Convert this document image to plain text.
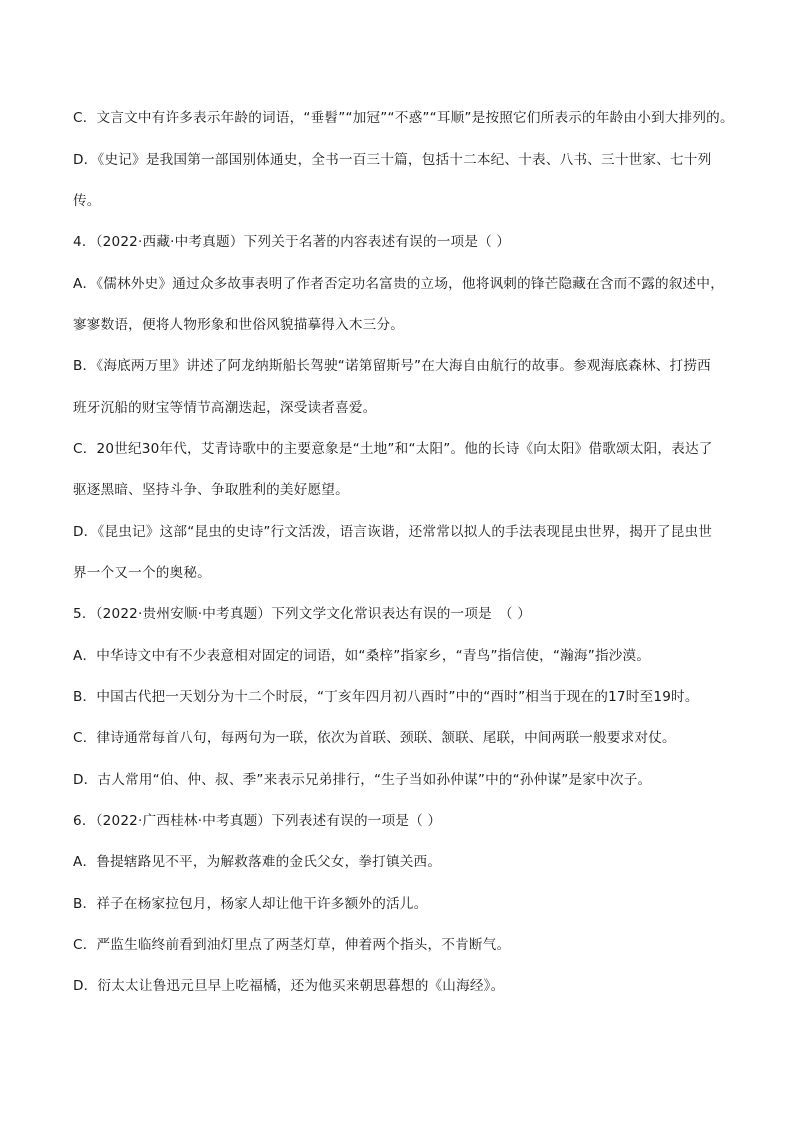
C．文言文中有许多表示年龄的词语，“垂髫”“加冠”“不惑”“耳顺”是按照它们所表示的年龄由小到大排列的。
D．《史记》是我国第一部国别体通史，全书一百三十篇，包括十二本纪、十表、八书、三十世家、七十列
传。
4．（2022·西藏·中考真题）下列关于名著的内容表述有误的一项是（ ）
A．《儒林外史》通过众多故事表明了作者否定功名富贵的立场，他将讽刺的锋芒隐藏在含而不露的叙述中，
寥寥数语，便将人物形象和世俗风貌描摹得入木三分。
B．《海底两万里》讲述了阿龙纳斯船长驾驶“诺第留斯号”在大海自由航行的故事。参观海底森林、打捞西
班牙沉船的财宝等情节高潮迭起，深受读者喜爱。
C．20世纪30年代，艾青诗歌中的主要意象是“土地”和“太阳”。他的长诗《向太阳》借歌颂太阳，表达了
驱逐黑暗、坚持斗争、争取胜利的美好愿望。
D．《昆虫记》这部“昆虫的史诗”行文活泼，语言诙谐，还常常以拟人的手法表现昆虫世界，揭开了昆虫世
界一个又一个的奥秘。
5．（2022·贵州安顺·中考真题）下列文学文化常识表达有误的一项是　（ ）
A．中华诗文中有不少表意相对固定的词语，如“桑梓”指家乡，“青鸟”指信使，“瀚海”指沙漠。
B．中国古代把一天划分为十二个时辰，“丁亥年四月初八酉时”中的“酉时”相当于现在的17时至19时。
C．律诗通常每首八句，每两句为一联，依次为首联、颈联、颔联、尾联，中间两联一般要求对仗。
D．古人常用“伯、仲、叔、季”来表示兄弟排行，“生子当如孙仲谋”中的“孙仲谋”是家中次子。
6．（2022·广西桂林·中考真题）下列表述有误的一项是（ ）
A．鲁提辖路见不平，为解救落难的金氏父女，拳打镇关西。
B．祥子在杨家拉包月，杨家人却让他干许多额外的活儿。
C．严监生临终前看到油灯里点了两茎灯草，伸着两个指头，不肯断气。
D．衍太太让鲁迅元旦早上吃福橘，还为他买来朝思暮想的《山海经》。
